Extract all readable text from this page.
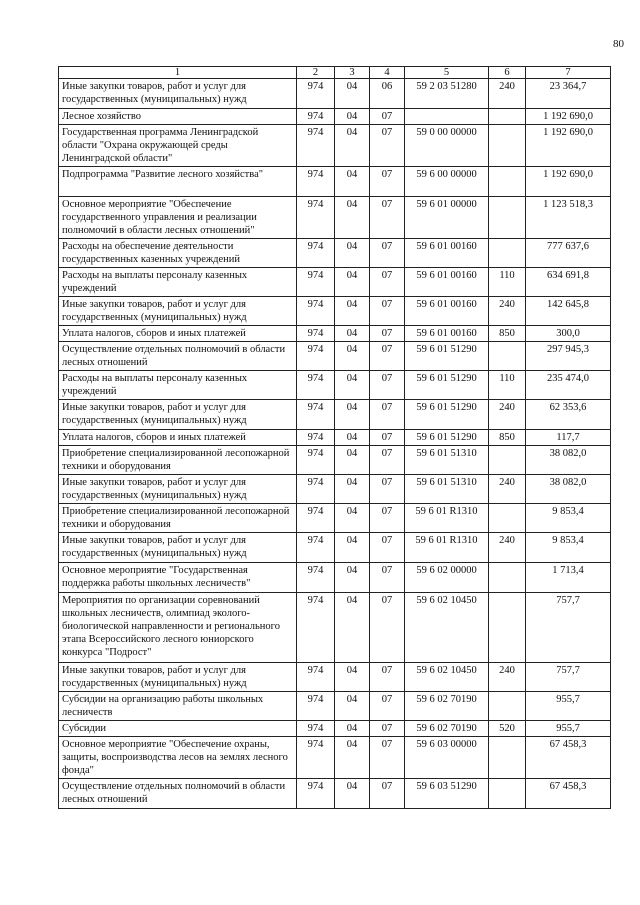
80
1	2	3	4	5	6	7
Иные закупки товаров, работ и услуг для государственных (муниципальных) нужд	974	04	06	59 2 03 51280	240	23 364,7
Лесное хозяйство	974	04	07			1 192 690,0
Государственная программа Ленинградской области "Охрана окружающей среды Ленинградской области"	974	04	07	59 0 00 00000		1 192 690,0
Подпрограмма "Развитие лесного хозяйства"	974	04	07	59 6 00 00000		1 192 690,0
Основное мероприятие "Обеспечение государственного управления и реализации полномочий в области лесных отношений"	974	04	07	59 6 01 00000		1 123 518,3
Расходы на обеспечение деятельности государственных казенных учреждений	974	04	07	59 6 01 00160		777 637,6
Расходы на выплаты персоналу казенных учреждений	974	04	07	59 6 01 00160	110	634 691,8
Иные закупки товаров, работ и услуг для государственных (муниципальных) нужд	974	04	07	59 6 01 00160	240	142 645,8
Уплата налогов, сборов и иных платежей	974	04	07	59 6 01 00160	850	300,0
Осуществление отдельных полномочий в области лесных отношений	974	04	07	59 6 01 51290		297 945,3
Расходы на выплаты персоналу казенных учреждений	974	04	07	59 6 01 51290	110	235 474,0
Иные закупки товаров, работ и услуг для государственных (муниципальных) нужд	974	04	07	59 6 01 51290	240	62 353,6
Уплата налогов, сборов и иных платежей	974	04	07	59 6 01 51290	850	117,7
Приобретение специализированной лесопожарной техники и оборудования	974	04	07	59 6 01 51310		38 082,0
Иные закупки товаров, работ и услуг для государственных (муниципальных) нужд	974	04	07	59 6 01 51310	240	38 082,0
Приобретение специализированной лесопожарной техники и оборудования	974	04	07	59 6 01 R1310		9 853,4
Иные закупки товаров, работ и услуг для государственных (муниципальных) нужд	974	04	07	59 6 01 R1310	240	9 853,4
Основное мероприятие "Государственная поддержка работы школьных лесничеств"	974	04	07	59 6 02 00000		1 713,4
Мероприятия по организации соревнований школьных лесничеств, олимпиад эколого-биологической направленности и регионального этапа Всероссийского лесного юниорского конкурса "Подрост"	974	04	07	59 6 02 10450		757,7
Иные закупки товаров, работ и услуг для государственных (муниципальных) нужд	974	04	07	59 6 02 10450	240	757,7
Субсидии на организацию работы школьных лесничеств	974	04	07	59 6 02 70190		955,7
Субсидии	974	04	07	59 6 02 70190	520	955,7
Основное мероприятие "Обеспечение охраны, защиты, воспроизводства лесов на землях лесного фонда"	974	04	07	59 6 03 00000		67 458,3
Осуществление отдельных полномочий в области лесных отношений	974	04	07	59 6 03 51290		67 458,3
